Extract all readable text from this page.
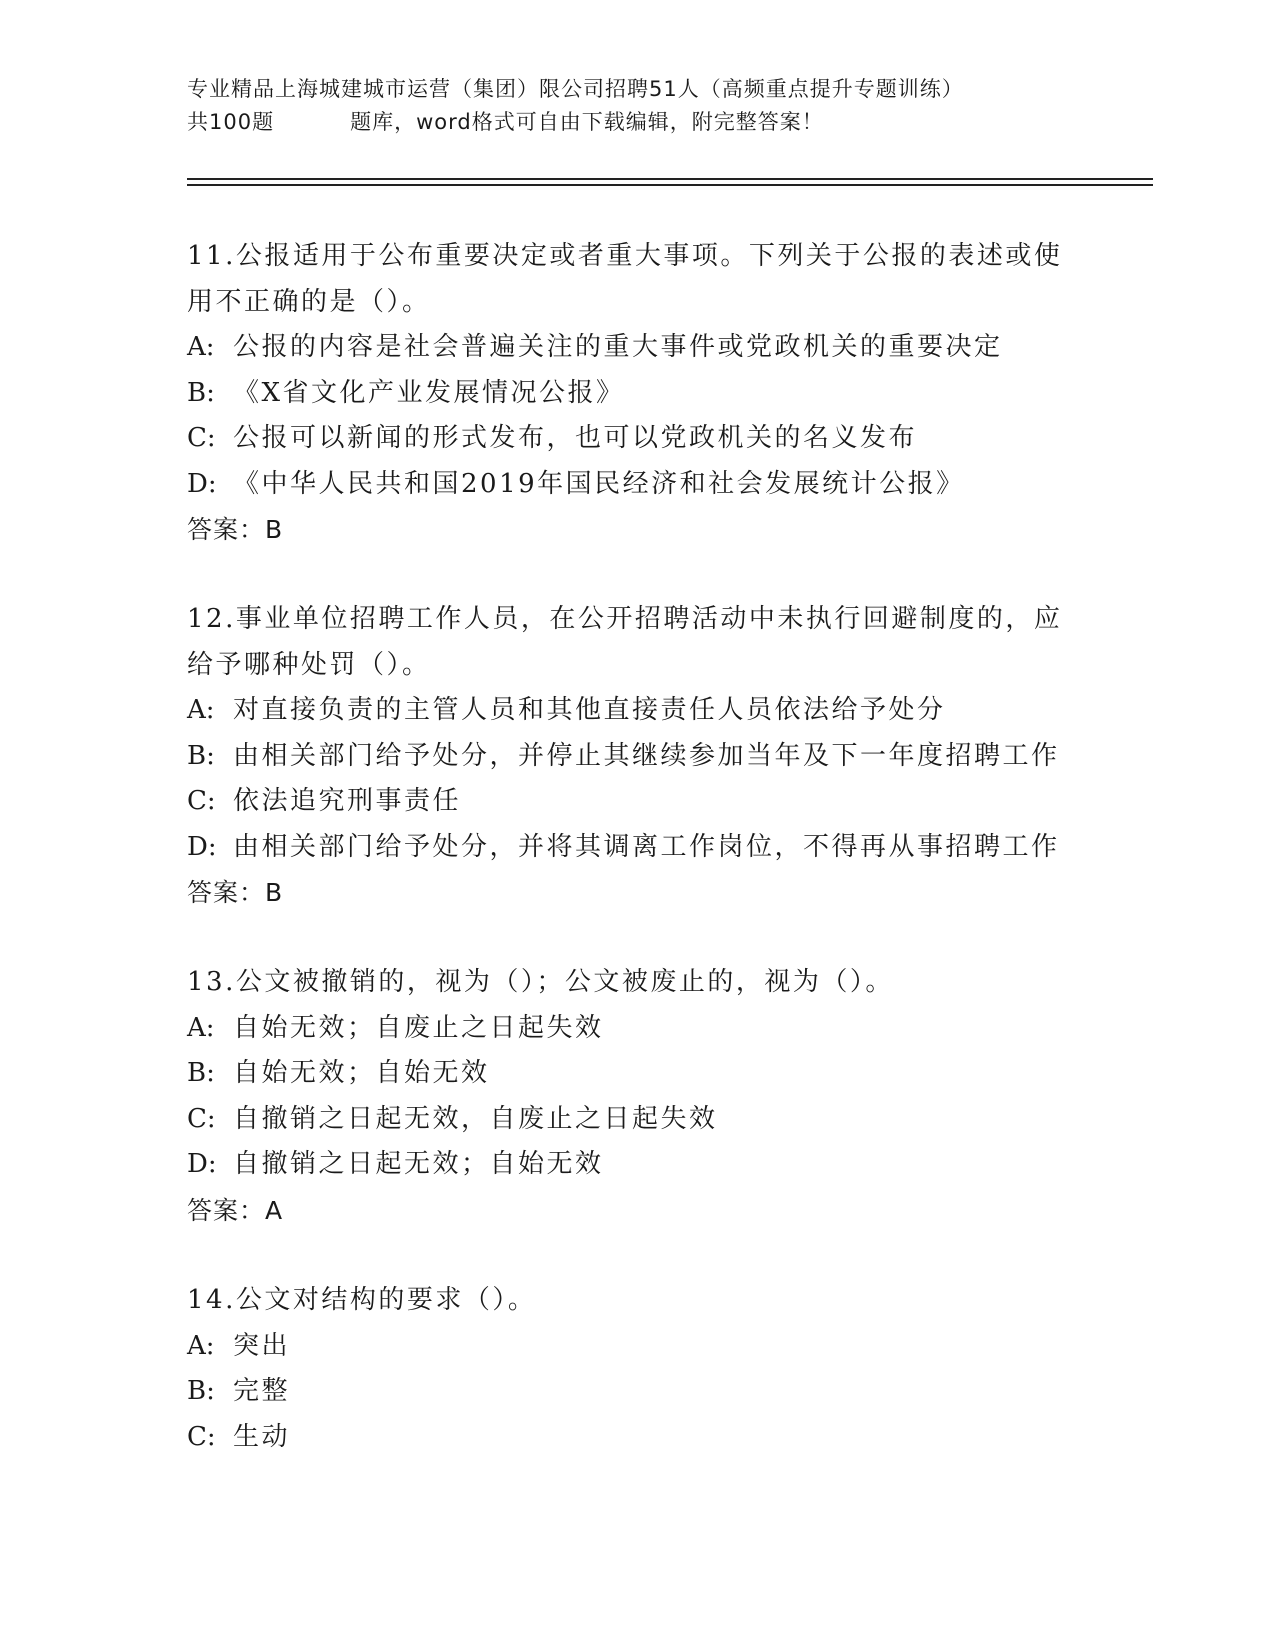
专业精品上海城建城市运营（集团）限公司招聘51人（高频重点提升专题训练）
共100题	题库，word格式可自由下载编辑，附完整答案！
11.公报适用于公布重要决定或者重大事项。下列关于公报的表述或使用不正确的是（）。
A: 公报的内容是社会普遍关注的重大事件或党政机关的重要决定
B: 《X省文化产业发展情况公报》
C: 公报可以新闻的形式发布，也可以党政机关的名义发布
D: 《中华人民共和国2019年国民经济和社会发展统计公报》
答案：B
12.事业单位招聘工作人员，在公开招聘活动中未执行回避制度的，应给予哪种处罚（）。
A: 对直接负责的主管人员和其他直接责任人员依法给予处分
B: 由相关部门给予处分，并停止其继续参加当年及下一年度招聘工作
C: 依法追究刑事责任
D: 由相关部门给予处分，并将其调离工作岗位，不得再从事招聘工作
答案：B
13.公文被撤销的，视为（）；公文被废止的，视为（）。
A: 自始无效；自废止之日起失效
B: 自始无效；自始无效
C: 自撤销之日起无效，自废止之日起失效
D: 自撤销之日起无效；自始无效
答案：A
14.公文对结构的要求（）。
A: 突出
B: 完整
C: 生动
